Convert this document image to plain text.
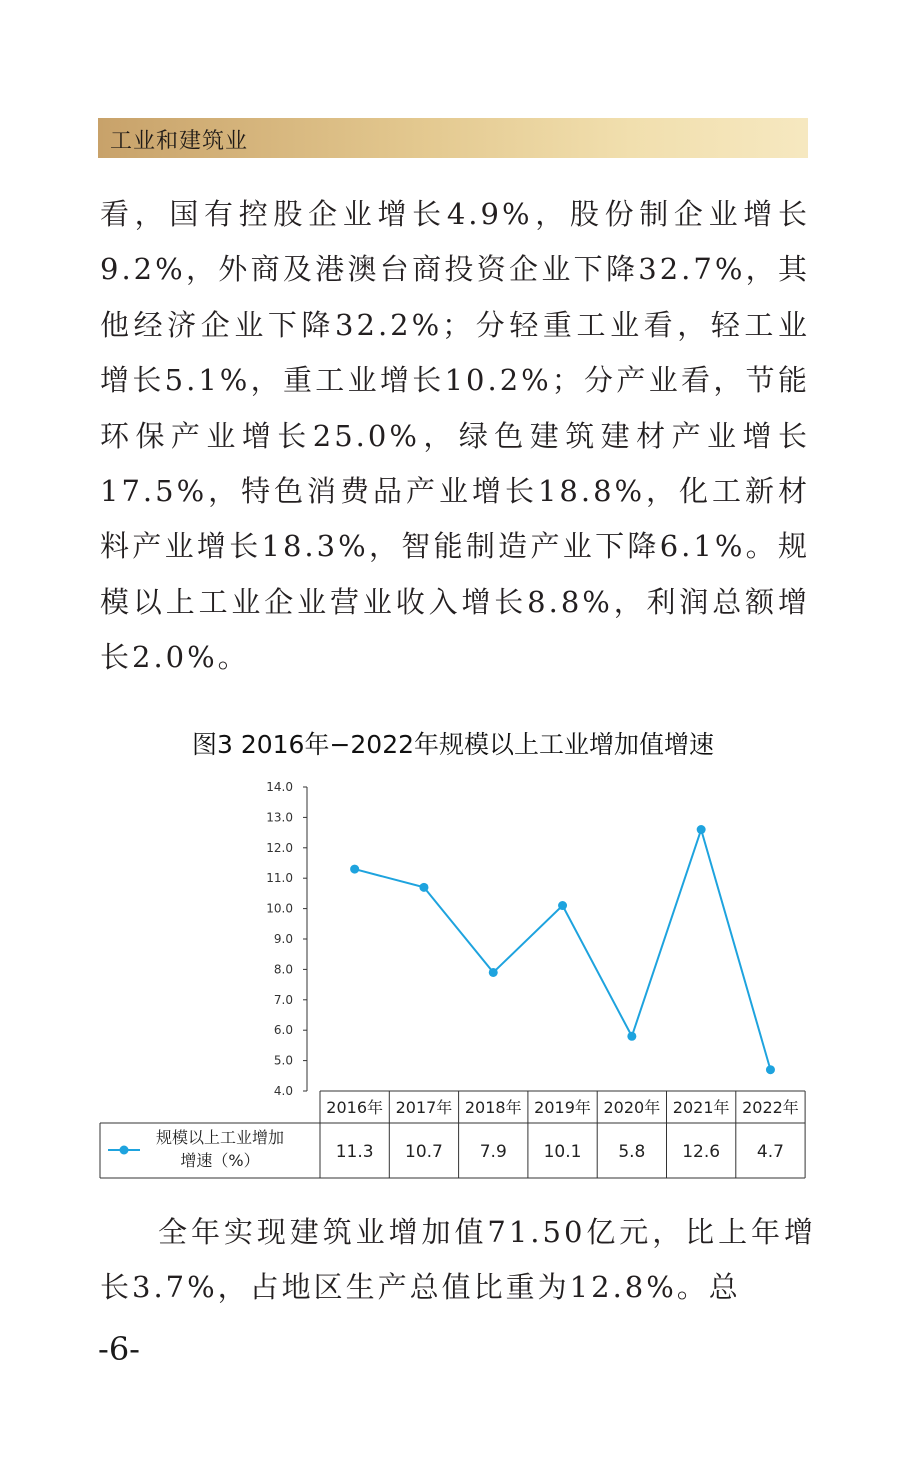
工业和建筑业
看，国有控股企业增长4.9%，股份制企业增长9.2%，外商及港澳台商投资企业下降32.7%，其他经济企业下降32.2%；分轻重工业看，轻工业增长5.1%，重工业增长10.2%；分产业看，节能环保产业增长25.0%，绿色建筑建材产业增长17.5%，特色消费品产业增长18.8%，化工新材料产业增长18.3%，智能制造产业下降6.1%。规模以上工业企业营业收入增长8.8%，利润总额增长2.0%。
图3 2016年−2022年规模以上工业增加值增速
4.0
5.0
6.0
7.0
8.0
9.0
10.0
11.0
12.0
13.0
14.0
2016年
11.3
2017年
10.7
2018年
7.9
2019年
10.1
2020年
5.8
2021年
12.6
2022年
4.7
规模以上工业增加
增速（%）
全年实现建筑业增加值71.50亿元，比上年增长3.7%，占地区生产总值比重为12.8%。总
-6-
